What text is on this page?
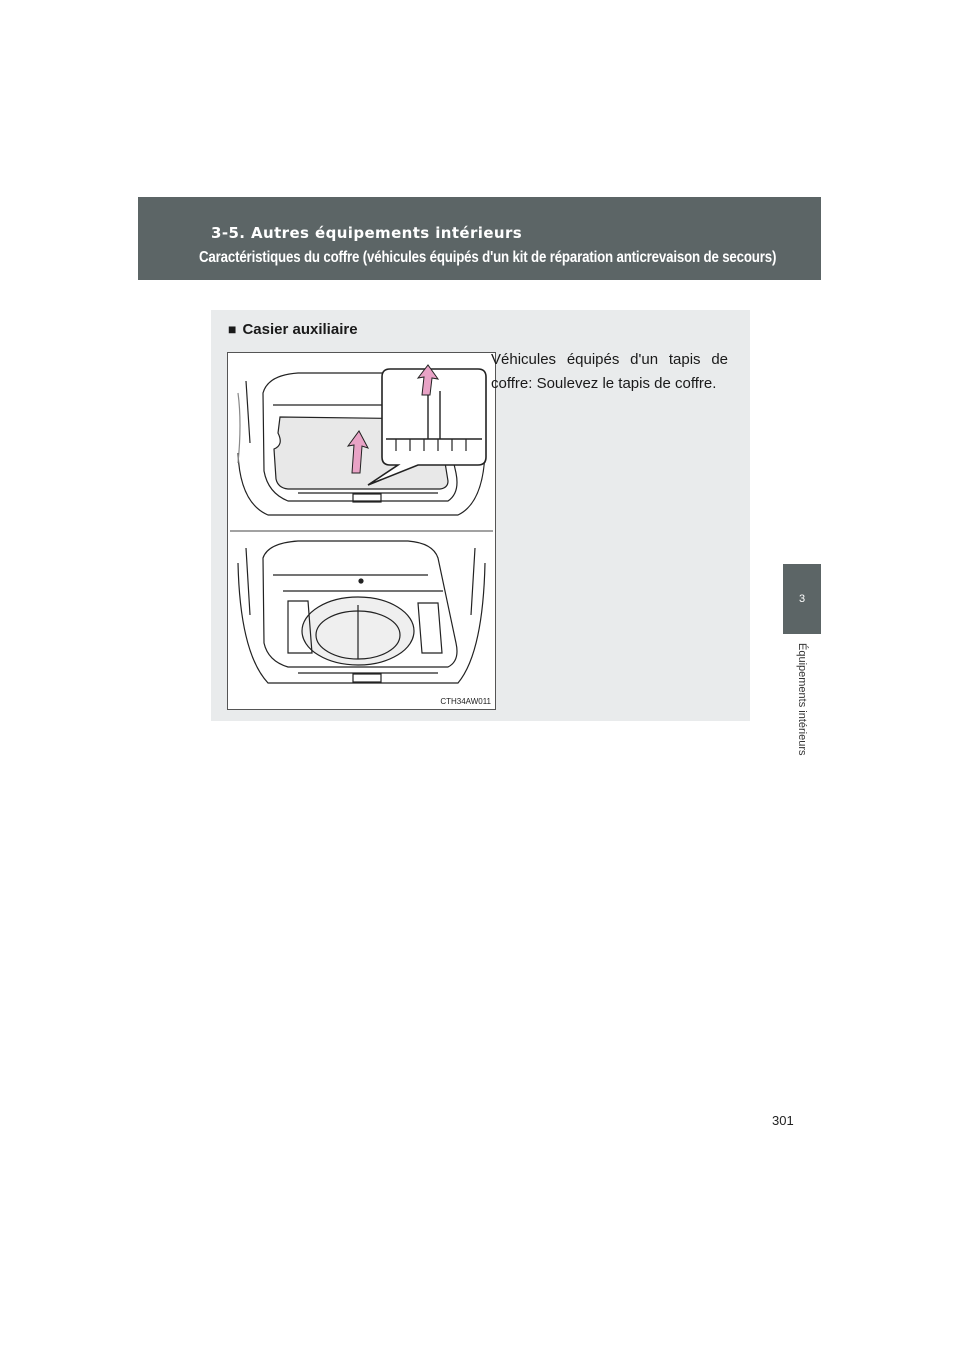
3-5. Autres équipements intérieurs
Caractéristiques du coffre (véhicules équipés d'un kit de réparation anticrevaison de secours)
3
Équipements intérieurs
■ Casier auxiliaire
CTH34AW011
Véhicules équipés d'un tapis de coffre: Soulevez le tapis de coffre.
301
